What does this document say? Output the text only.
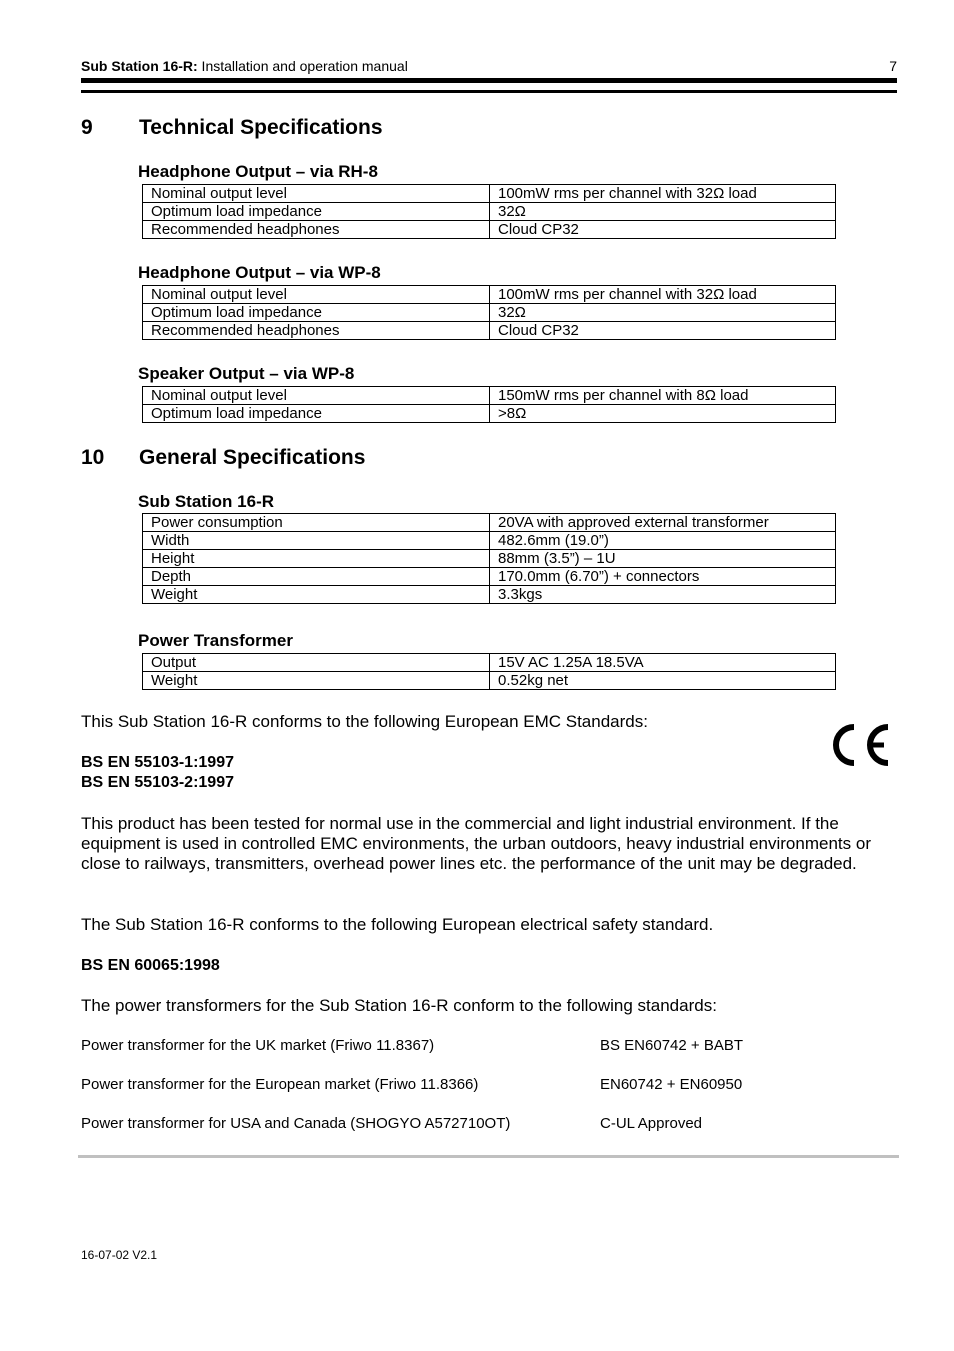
Sub Station 16-R: Installation and operation manual	7
9 Technical Specifications
Headphone Output – via RH-8
Nominal output level	100mW rms per channel with 32Ω load
Optimum load impedance	32Ω
Recommended headphones	Cloud CP32
Headphone Output – via WP-8
Nominal output level	100mW rms per channel with 32Ω load
Optimum load impedance	32Ω
Recommended headphones	Cloud CP32
Speaker Output – via WP-8
Nominal output level	150mW rms per channel with 8Ω load
Optimum load impedance	>8Ω
10 General Specifications
Sub Station 16-R
Power consumption	20VA with approved external transformer
Width	482.6mm (19.0”)
Height	88mm (3.5”) – 1U
Depth	170.0mm (6.70”) + connectors
Weight	3.3kgs
Power Transformer
Output	15V AC 1.25A 18.5VA
Weight	0.52kg net
This Sub Station 16-R conforms to the following European EMC Standards:
BS EN 55103-1:1997
BS EN 55103-2:1997
This product has been tested for normal use in the commercial and light industrial environment. If the equipment is used in controlled EMC environments, the urban outdoors, heavy industrial environments or close to railways, transmitters, overhead power lines etc. the performance of the unit may be degraded.
The Sub Station 16-R conforms to the following European electrical safety standard.
BS EN 60065:1998
The power transformers for the Sub Station 16-R conform to the following standards:
Power transformer for the UK market (Friwo 11.8367)	BS EN60742 + BABT
Power transformer for the European market (Friwo 11.8366)	EN60742 + EN60950
Power transformer for USA and Canada (SHOGYO A572710OT)	C-UL Approved
16-07-02 V2.1
